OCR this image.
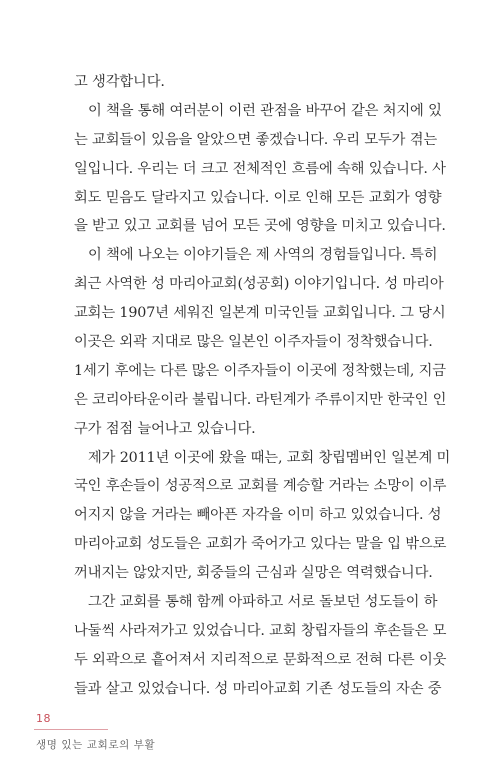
고 생각합니다.
이 책을 통해 여러분이 이런 관점을 바꾸어 같은 처지에 있
는 교회들이 있음을 알았으면 좋겠습니다. 우리 모두가 겪는
일입니다. 우리는 더 크고 전체적인 흐름에 속해 있습니다. 사
회도 믿음도 달라지고 있습니다. 이로 인해 모든 교회가 영향
을 받고 있고 교회를 넘어 모든 곳에 영향을 미치고 있습니다.
이 책에 나오는 이야기들은 제 사역의 경험들입니다. 특히
최근 사역한 성 마리아교회(성공회) 이야기입니다. 성 마리아
교회는 1907년 세워진 일본계 미국인들 교회입니다. 그 당시
이곳은 외곽 지대로 많은 일본인 이주자들이 정착했습니다.
1세기 후에는 다른 많은 이주자들이 이곳에 정착했는데, 지금
은 코리아타운이라 불립니다. 라틴계가 주류이지만 한국인 인
구가 점점 늘어나고 있습니다.
제가 2011년 이곳에 왔을 때는, 교회 창립멤버인 일본계 미
국인 후손들이 성공적으로 교회를 계승할 거라는 소망이 이루
어지지 않을 거라는 빼아픈 자각을 이미 하고 있었습니다. 성
마리아교회 성도들은 교회가 죽어가고 있다는 말을 입 밖으로
꺼내지는 않았지만, 회중들의 근심과 실망은 역력했습니다.
그간 교회를 통해 함께 아파하고 서로 돌보던 성도들이 하
나둘씩 사라져가고 있었습니다. 교회 창립자들의 후손들은 모
두 외곽으로 흩어져서 지리적으로 문화적으로 전혀 다른 이웃
들과 살고 있었습니다. 성 마리아교회 기존 성도들의 자손 중
18
생명 있는 교회로의 부활
